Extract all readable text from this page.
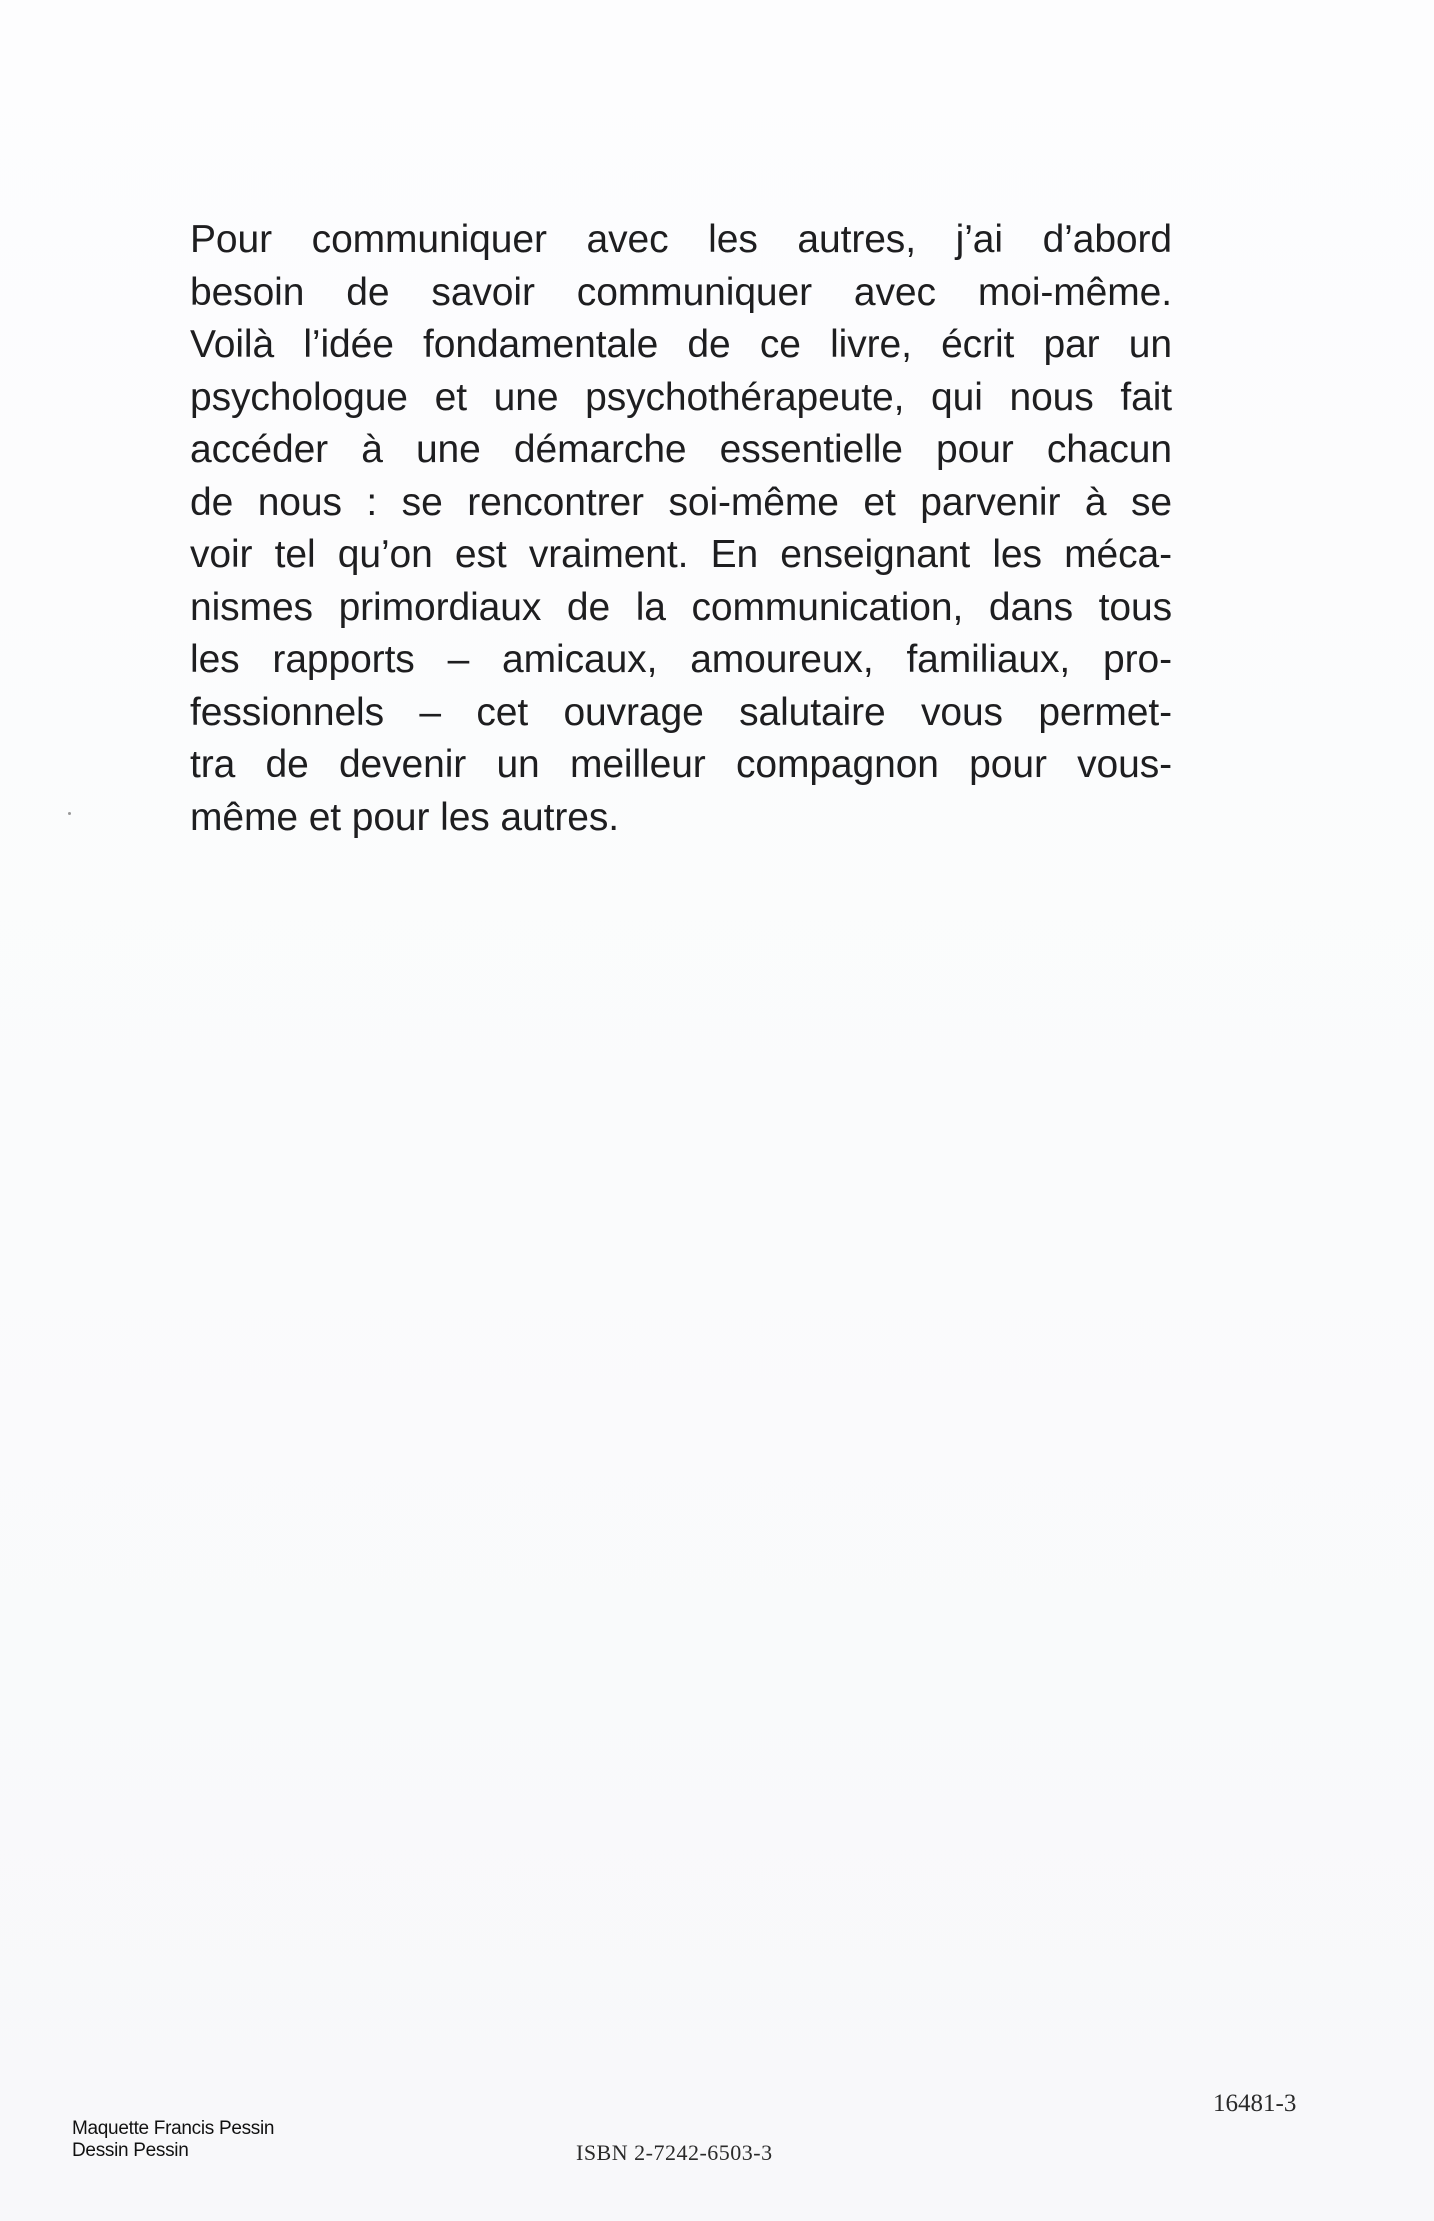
Pour communiquer avec les autres, j’ai d’abord
besoin de savoir communiquer avec moi-même.
Voilà l’idée fondamentale de ce livre, écrit par un
psychologue et une psychothérapeute, qui nous fait
accéder à une démarche essentielle pour chacun
de nous : se rencontrer soi-même et parvenir à se
voir tel qu’on est vraiment. En enseignant les méca-
nismes primordiaux de la communication, dans tous
les rapports – amicaux, amoureux, familiaux, pro-
fessionnels – cet ouvrage salutaire vous permet-
tra de devenir un meilleur compagnon pour vous-
même et pour les autres.
Maquette Francis Pessin
Dessin Pessin	ISBN 2-7242-6503-3
16481-3
